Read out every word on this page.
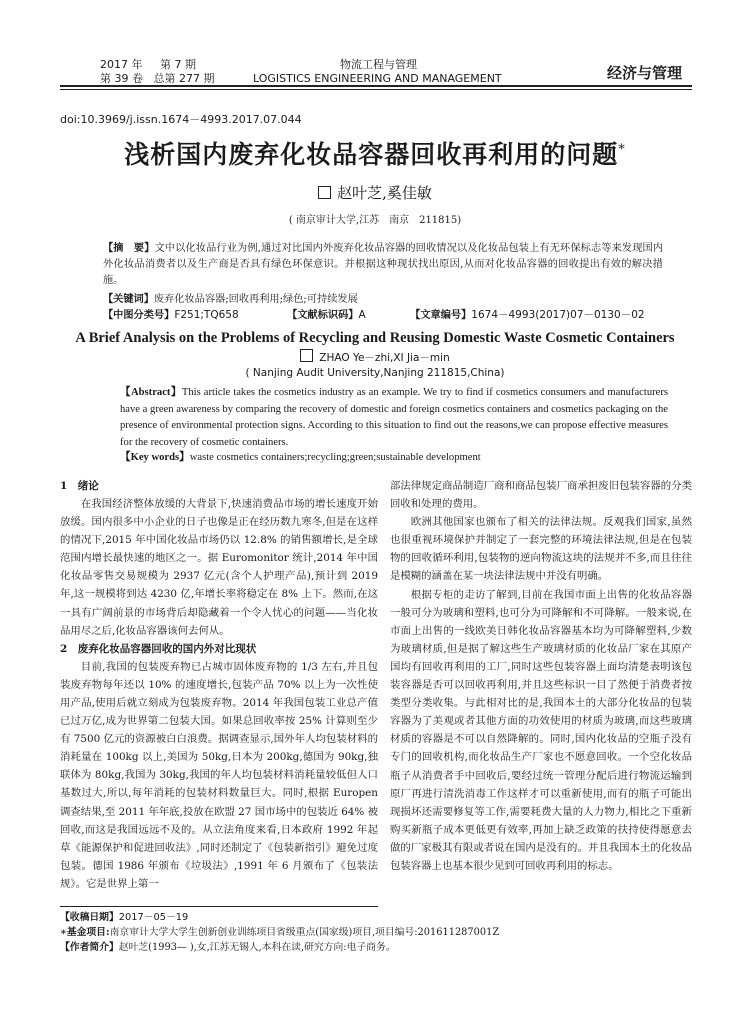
2017 年 第 7 期
第 39 卷 总第 277 期
物流工程与管理
LOGISTICS ENGINEERING AND MANAGEMENT	经济与管理
doi:10.3969/j.issn.1674－4993.2017.07.044
浅析国内废弃化妆品容器回收再利用的问题*
赵叶芝,奚佳敏
( 南京审计大学,江苏　南京　211815)
【摘　要】文中以化妆品行业为例,通过对比国内外废弃化妆品容器的回收情况以及化妆品包装上有无环保标志等来发现国内外化妆品消费者以及生产商是否具有绿色环保意识。并根据这种现状找出原因,从而对化妆品容器的回收提出有效的解决措施。
【关键词】废弃化妆品容器;回收再利用;绿色;可持续发展
【中图分类号】F251;TQ658	【文献标识码】A	【文章编号】1674－4993(2017)07－0130－02
A Brief Analysis on the Problems of Recycling and Reusing Domestic Waste Cosmetic Containers
ZHAO Ye－zhi,XI Jia－min
( Nanjing Audit University,Nanjing 211815,China)
【Abstract】This article takes the cosmetics industry as an example. We try to find if cosmetics consumers and manufacturers have a green awareness by comparing the recovery of domestic and foreign cosmetics containers and cosmetics packaging on the presence of environmental protection signs. According to this situation to find out the reasons,we can propose effective measures for the recovery of cosmetic containers.
【Key words】waste cosmetics containers;recycling;green;sustainable development
1　绪论

在我国经济整体放缓的大背景下,快速消费品市场的增长速度开始放缓。国内很多中小企业的日子也像是正在经历数九寒冬,但是在这样的情况下,2015 年中国化妆品市场仍以 12.8% 的销售额增长,是全球范围内增长最快速的地区之一。据 Euromonitor 统计,2014 年中国化妆品零售交易规模为 2937 亿元(含个人护理产品),预计到 2019 年,这一规模将到达 4230 亿,年增长率将稳定在 8% 上下。然而,在这一具有广阔前景的市场背后却隐藏着一个令人忧心的问题——当化妆品用尽之后,化妆品容器该何去何从。

2　废弃化妆品容器回收的国内外对比现状

目前,我国的包装废弃物已占城市固体废弃物的 1/3 左右,并且包装废弃物每年还以 10% 的速度增长,包装产品 70% 以上为一次性使用产品,使用后就立刻成为包装废弃物。2014 年我国包装工业总产值已过万亿,成为世界第二包装大国。如果总回收率按 25% 计算则至少有 7500 亿元的资源被白白浪费。据调查显示,国外年人均包装材料的消耗量在 100kg 以上,美国为 50kg,日本为 200kg,德国为 90kg,独联体为 80kg,我国为 30kg,我国的年人均包装材料消耗量较低但人口基数过大,所以,每年消耗的包装材料数量巨大。同时,根据 Europen 调查结果,至 2011 年年底,投放在欧盟 27 国市场中的包装近 64% 被回收,而这是我国远远不及的。从立法角度来看,日本政府 1992 年起草《能源保护和促进回收法》,同时还制定了《包装新指引》避免过度包装。德国 1986 年颁布《垃圾法》,1991 年 6 月颁布了《包装法规》。它是世界上第一

部法律规定商品制造厂商和商品包装厂商承担废旧包装容器的分类回收和处理的费用。

欧洲其他国家也颁布了相关的法律法规。反观我们国家,虽然也很重视环境保护并制定了一套完整的环境法律法规,但是在包装物的回收循环利用,包装物的逆向物流这块的法规并不多,而且往往是模糊的涵盖在某一块法律法规中并没有明确。

根据专柜的走访了解到,目前在我国市面上出售的化妆品容器一般可分为玻璃和塑料,也可分为可降解和不可降解。一般来说,在市面上出售的一线欧美日韩化妆品容器基本均为可降解塑料,少数为玻璃材质,但是据了解这些生产玻璃材质的化妆品厂家在其原产国均有回收再利用的工厂,同时这些包装容器上面均清楚表明该包装容器是否可以回收再利用,并且这些标识一目了然便于消费者按类型分类收集。与此相对比的是,我国本土的大部分化妆品的包装容器为了美观或者其他方面的功效使用的材质为玻璃,而这些玻璃材质的容器是不可以自然降解的。同时,国内化妆品的空瓶子没有专门的回收机构,而化妆品生产厂家也不愿意回收。一个空化妆品瓶子从消费者手中回收后,要经过统一管理分配后进行物流运输到原厂再进行清洗消毒工作这样才可以重新使用,而有的瓶子可能出现损坏还需要修复等工作,需要耗费大量的人力物力,相比之下重新购买新瓶子成本更低更有效率,再加上缺乏政策的扶持使得愿意去做的厂家极其有限或者说在国内是没有的。并且我国本土的化妆品包装容器上也基本很少见到可回收再利用的标志。

【收稿日期】2017－05－19
∗基金项目:南京审计大学大学生创新创业训练项目省级重点(国家级)项目,项目编号:201611287001Z
【作者简介】赵叶芝(1993— ),女,江苏无锡人,本科在读,研究方向:电子商务。
